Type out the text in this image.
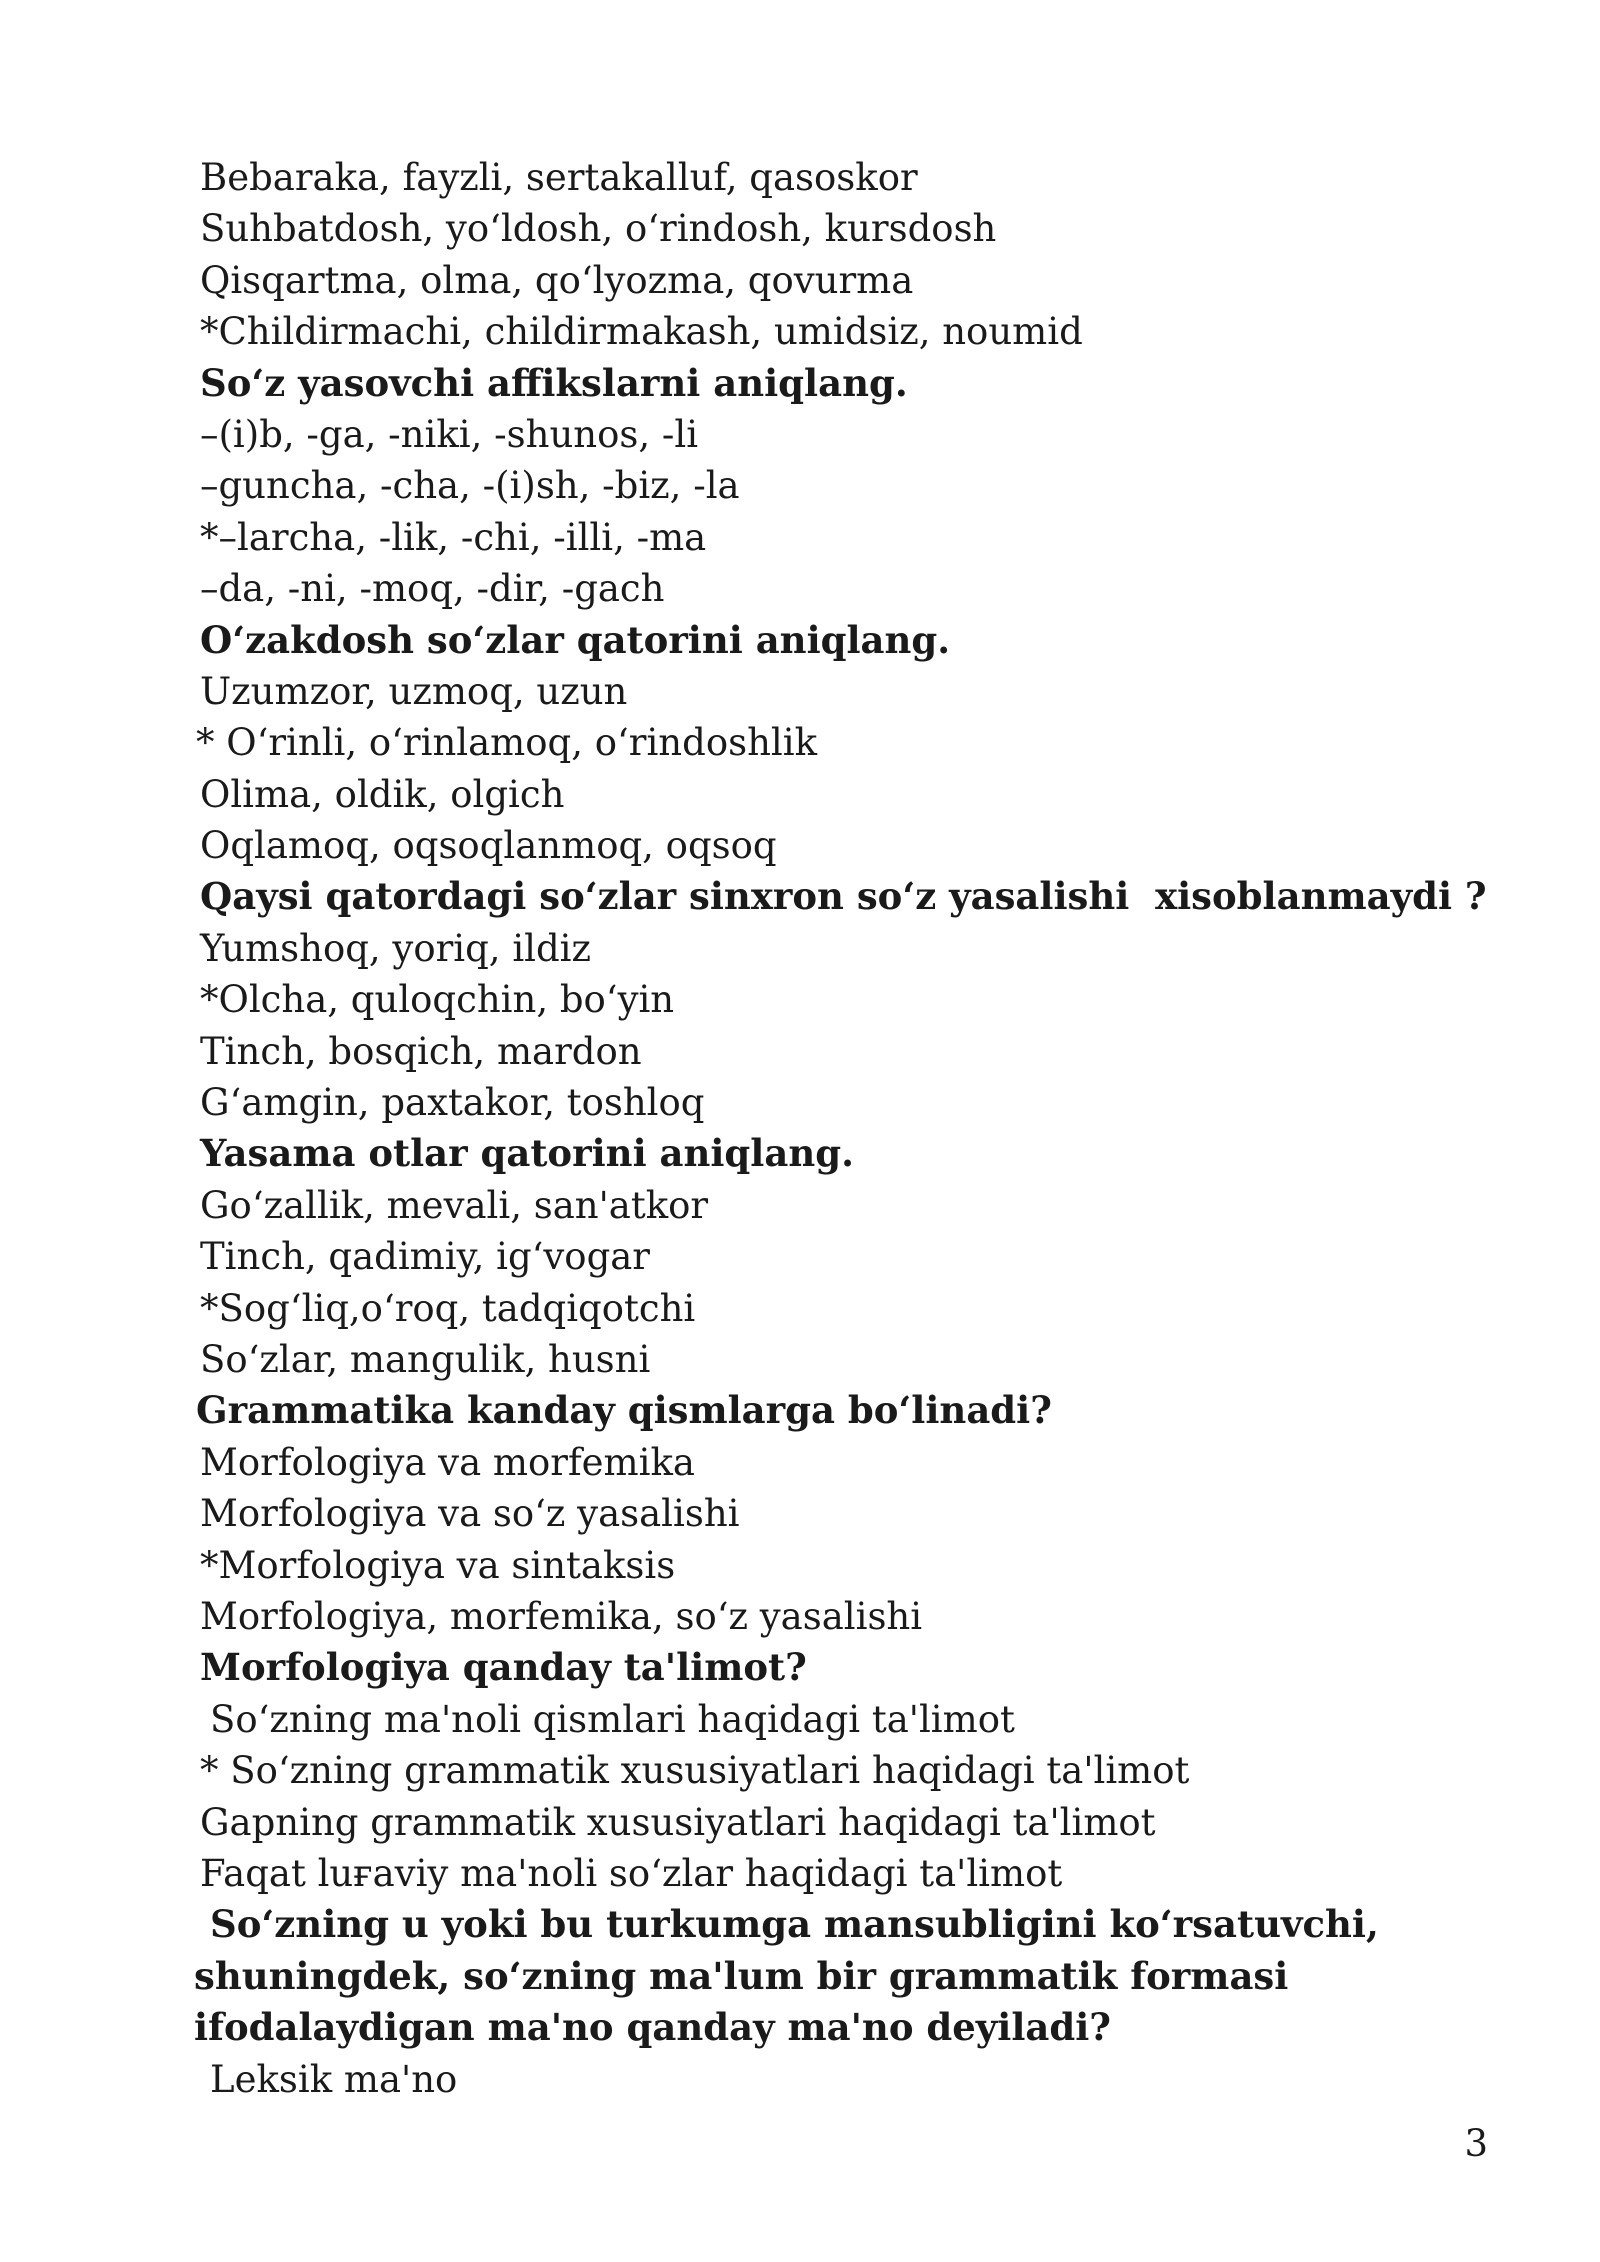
Bebaraka, fayzli, sertakalluf, qasoskor
Suhbatdosh, yo‘ldosh, o‘rindosh, kursdosh
Qisqartma, olma, qo‘lyozma, qovurma
*Childirmachi, childirmakash, umidsiz, noumid
So‘z yasovchi affikslarni aniqlang.
–(i)b, -ga, -niki, -shunos, -li
–guncha, -cha, -(i)sh, -biz, -la
*–larcha, -lik, -chi, -illi, -ma
–da, -ni, -moq, -dir, -gach
O‘zakdosh so‘zlar qatorini aniqlang.
Uzumzor, uzmoq, uzun
* O‘rinli, o‘rinlamoq, o‘rindoshlik
Olima, oldik, olgich
Oqlamoq, oqsoqlanmoq, oqsoq
Qaysi qatordagi so‘zlar sinxron so‘z yasalishi  xisoblanmaydi ?
Yumshoq, yoriq, ildiz
*Olcha, quloqchin, bo‘yin
Tinch, bosqich, mardon
G‘amgin, paxtakor, toshloq
Yasama otlar qatorini aniqlang.
Go‘zallik, mevali, san'atkor
Tinch, qadimiy, ig‘vogar
*Sog‘liq,o‘roq, tadqiqotchi
So‘zlar, mangulik, husni
Grammatika kanday qismlarga bo‘linadi?
Morfologiya va morfemika
Morfologiya va so‘z yasalishi
*Morfologiya va sintaksis
Morfologiya, morfemika, so‘z yasalishi
Morfologiya qanday ta'limot?
So‘zning ma'noli qismlari haqidagi ta'limot
* So‘zning grammatik xususiyatlari haqidagi ta'limot
Gapning grammatik xususiyatlari haqidagi ta'limot
Faqat luғaviy ma'noli so‘zlar haqidagi ta'limot
So‘zning u yoki bu turkumga mansubligini ko‘rsatuvchi, shuningdek, so‘zning ma'lum bir grammatik formasi ifodalaydigan ma'no qanday ma'no deyiladi?
Leksik ma'no
3
